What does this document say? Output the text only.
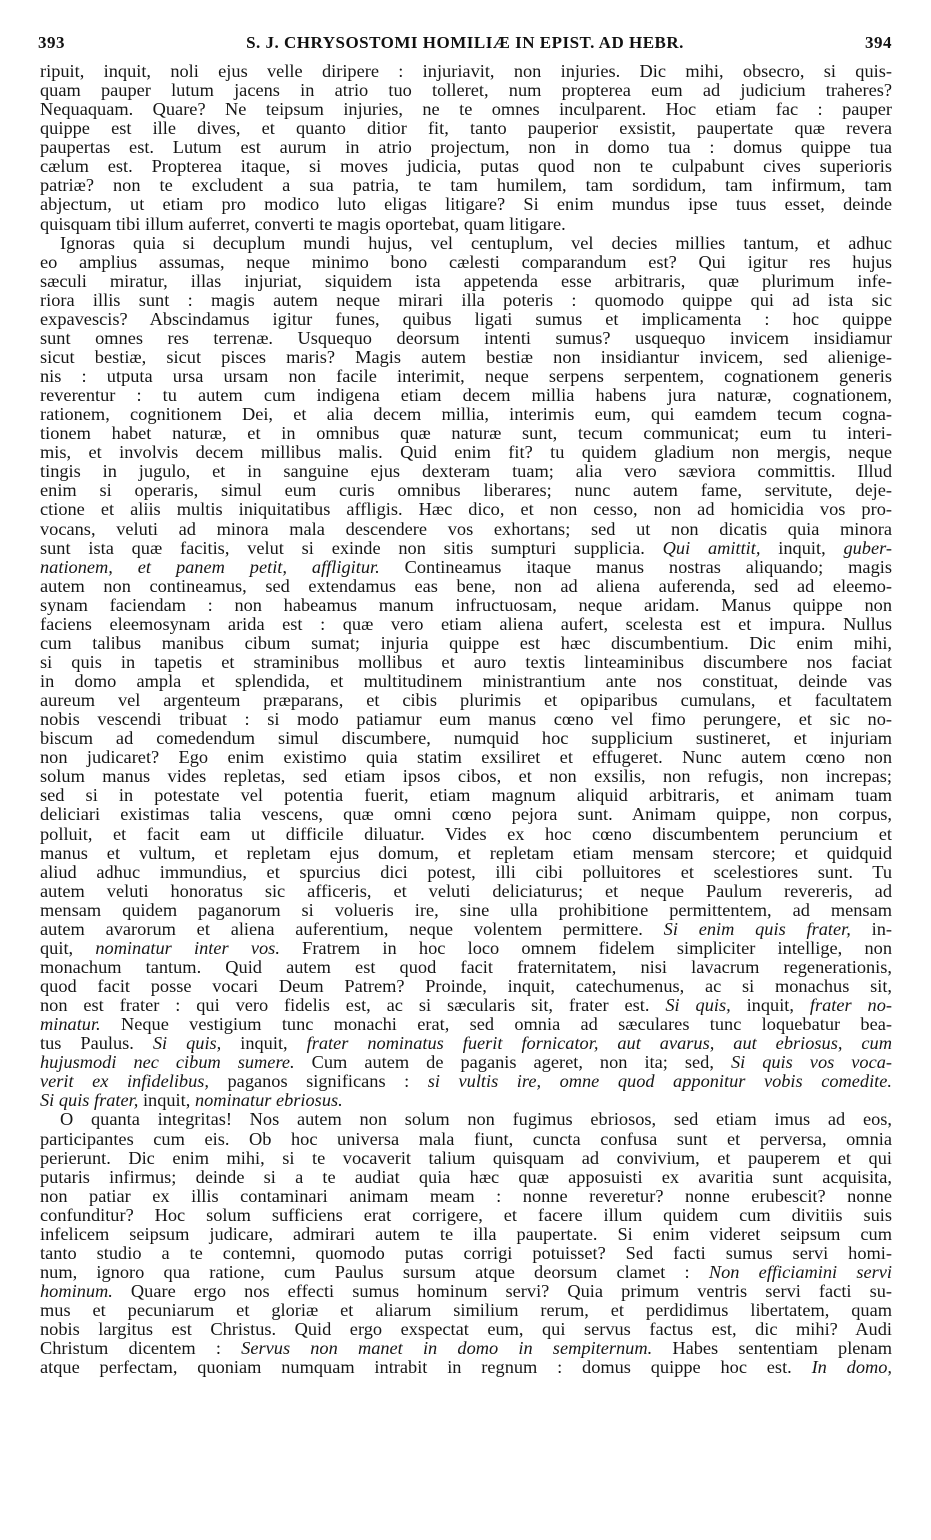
393	S. J. CHRYSOSTOMI HOMILIÆ IN EPIST. AD HEBR.	394
ripuit, inquit, noli ejus velle diripere : injuriavit, non injuries. Dic mihi, obsecro, si quis-
quam pauper lutum jacens in atrio tuo tolleret, num propterea eum ad judicium traheres?
Nequaquam. Quare? Ne teipsum injuries, ne te omnes inculparent. Hoc etiam fac : pauper
quippe est ille dives, et quanto ditior fit, tanto pauperior exsistit, paupertate quæ revera
paupertas est. Lutum est aurum in atrio projectum, non in domo tua : domus quippe tua
cælum est. Propterea itaque, si moves judicia, putas quod non te culpabunt cives superioris
patriæ? non te excludent a sua patria, te tam humilem, tam sordidum, tam infirmum, tam
abjectum, ut etiam pro modico luto eligas litigare? Si enim mundus ipse tuus esset, deinde
quisquam tibi illum auferret, converti te magis oportebat, quam litigare.
Ignoras quia si decuplum mundi hujus, vel centuplum, vel decies millies tantum, et adhuc
eo amplius assumas, neque minimo bono cælesti comparandum est? Qui igitur res hujus
sæculi miratur, illas injuriat, siquidem ista appetenda esse arbitraris, quæ plurimum infe-
riora illis sunt : magis autem neque mirari illa poteris : quomodo quippe qui ad ista sic
expavescis? Abscindamus igitur funes, quibus ligati sumus et implicamenta : hoc quippe
sunt omnes res terrenæ. Usquequo deorsum intenti sumus? usquequo invicem insidiamur
sicut bestiæ, sicut pisces maris? Magis autem bestiæ non insidiantur invicem, sed alienige-
nis : utputa ursa ursam non facile interimit, neque serpens serpentem, cognationem generis
reverentur : tu autem cum indigena etiam decem millia habens jura naturæ, cognationem,
rationem, cognitionem Dei, et alia decem millia, interimis eum, qui eamdem tecum cogna-
tionem habet naturæ, et in omnibus quæ naturæ sunt, tecum communicat; eum tu interi-
mis, et involvis decem millibus malis. Quid enim fit? tu quidem gladium non mergis, neque
tingis in jugulo, et in sanguine ejus dexteram tuam; alia vero sæviora committis. Illud
enim si operaris, simul eum curis omnibus liberares; nunc autem fame, servitute, deje-
ctione et aliis multis iniquitatibus affligis. Hæc dico, et non cesso, non ad homicidia vos pro-
vocans, veluti ad minora mala descendere vos exhortans; sed ut non dicatis quia minora
sunt ista quæ facitis, velut si exinde non sitis sumpturi supplicia. Qui amittit, inquit, guber-
nationem, et panem petit, affligitur. Contineamus itaque manus nostras aliquando; magis
autem non contineamus, sed extendamus eas bene, non ad aliena auferenda, sed ad eleemo-
synam faciendam : non habeamus manum infructuosam, neque aridam. Manus quippe non
faciens eleemosynam arida est : quæ vero etiam aliena aufert, scelesta est et impura. Nullus
cum talibus manibus cibum sumat; injuria quippe est hæc discumbentium. Dic enim mihi,
si quis in tapetis et straminibus mollibus et auro textis linteaminibus discumbere nos faciat
in domo ampla et splendida, et multitudinem ministrantium ante nos constituat, deinde vas
aureum vel argenteum præparans, et cibis plurimis et opiparibus cumulans, et facultatem
nobis vescendi tribuat : si modo patiamur eum manus cœno vel fimo perungere, et sic no-
biscum ad comedendum simul discumbere, numquid hoc supplicium sustineret, et injuriam
non judicaret? Ego enim existimo quia statim exsiliret et effugeret. Nunc autem cœno non
solum manus vides repletas, sed etiam ipsos cibos, et non exsilis, non refugis, non increpas;
sed si in potestate vel potentia fuerit, etiam magnum aliquid arbitraris, et animam tuam
deliciari existimas talia vescens, quæ omni cœno pejora sunt. Animam quippe, non corpus,
polluit, et facit eam ut difficile diluatur. Vides ex hoc cœno discumbentem peruncium et
manus et vultum, et repletam ejus domum, et repletam etiam mensam stercore; et quidquid
aliud adhuc immundius, et spurcius dici potest, illi cibi polluitores et scelestiores sunt. Tu
autem veluti honoratus sic afficeris, et veluti deliciaturus; et neque Paulum revereris, ad
mensam quidem paganorum si volueris ire, sine ulla prohibitione permittentem, ad mensam
autem avarorum et aliena auferentium, neque volentem permittere. Si enim quis frater, in-
quit, nominatur inter vos. Fratrem in hoc loco omnem fidelem simpliciter intellige, non
monachum tantum. Quid autem est quod facit fraternitatem, nisi lavacrum regenerationis,
quod facit posse vocari Deum Patrem? Proinde, inquit, catechumenus, ac si monachus sit,
non est frater : qui vero fidelis est, ac si sæcularis sit, frater est. Si quis, inquit, frater no-
minatur. Neque vestigium tunc monachi erat, sed omnia ad sæculares tunc loquebatur bea-
tus Paulus. Si quis, inquit, frater nominatus fuerit fornicator, aut avarus, aut ebriosus, cum
hujusmodi nec cibum sumere. Cum autem de paganis ageret, non ita; sed, Si quis vos voca-
verit ex infidelibus, paganos significans : si vultis ire, omne quod apponitur vobis comedite.
Si quis frater, inquit, nominatur ebriosus.
O quanta integritas! Nos autem non solum non fugimus ebriosos, sed etiam imus ad eos,
participantes cum eis. Ob hoc universa mala fiunt, cuncta confusa sunt et perversa, omnia
perierunt. Dic enim mihi, si te vocaverit talium quisquam ad convivium, et pauperem et qui
putaris infirmus; deinde si a te audiat quia hæc quæ apposuisti ex avaritia sunt acquisita,
non patiar ex illis contaminari animam meam : nonne reveretur? nonne erubescit? nonne
confunditur? Hoc solum sufficiens erat corrigere, et facere illum quidem cum divitiis suis
infelicem seipsum judicare, admirari autem te illa paupertate. Si enim videret seipsum cum
tanto studio a te contemni, quomodo putas corrigi potuisset? Sed facti sumus servi homi-
num, ignoro qua ratione, cum Paulus sursum atque deorsum clamet : Non efficiamini servi
hominum. Quare ergo nos effecti sumus hominum servi? Quia primum ventris servi facti su-
mus et pecuniarum et gloriæ et aliarum similium rerum, et perdidimus libertatem, quam
nobis largitus est Christus. Quid ergo exspectat eum, qui servus factus est, dic mihi? Audi
Christum dicentem : Servus non manet in domo in sempiternum. Habes sententiam plenam
atque perfectam, quoniam numquam intrabit in regnum : domus quippe hoc est. In domo,
